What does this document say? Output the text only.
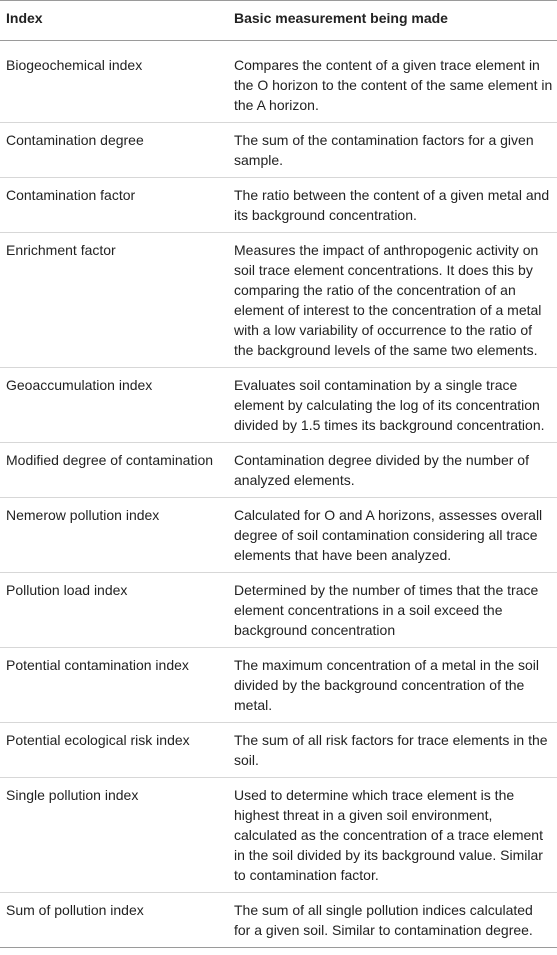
Index	Basic measurement being made
Biogeochemical index	Compares the content of a given trace element in the O horizon to the content of the same element in the A horizon.
Contamination degree	The sum of the contamination factors for a given sample.
Contamination factor	The ratio between the content of a given metal and its background concentration.
Enrichment factor	Measures the impact of anthropogenic activity on soil trace element concentrations. It does this by comparing the ratio of the concentration of an element of interest to the concentration of a metal with a low variability of occurrence to the ratio of the background levels of the same two elements.
Geoaccumulation index	Evaluates soil contamination by a single trace element by calculating the log of its concentration divided by 1.5 times its background concentration.
Modified degree of contamination	Contamination degree divided by the number of analyzed elements.
Nemerow pollution index	Calculated for O and A horizons, assesses overall degree of soil contamination considering all trace elements that have been analyzed.
Pollution load index	Determined by the number of times that the trace element concentrations in a soil exceed the background concentration
Potential contamination index	The maximum concentration of a metal in the soil divided by the background concentration of the metal.
Potential ecological risk index	The sum of all risk factors for trace elements in the soil.
Single pollution index	Used to determine which trace element is the highest threat in a given soil environment, calculated as the concentration of a trace element in the soil divided by its background value. Similar to contamination factor.
Sum of pollution index	The sum of all single pollution indices calculated for a given soil. Similar to contamination degree.
